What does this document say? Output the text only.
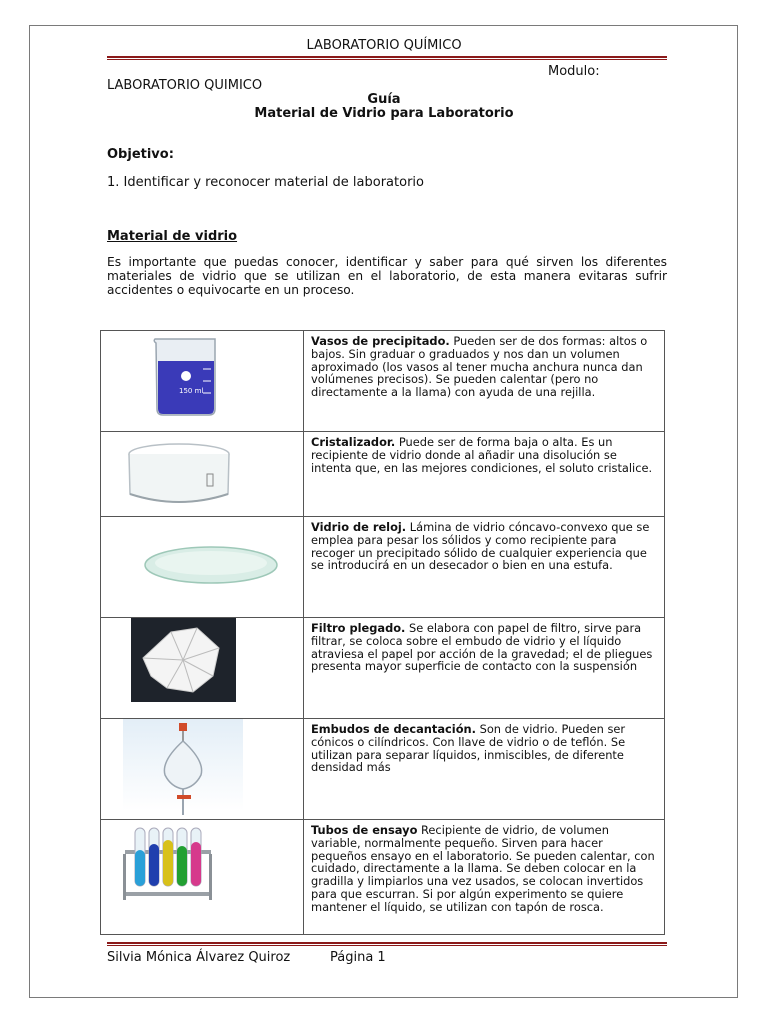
LABORATORIO QUÍMICO
Modulo:
LABORATORIO QUIMICO
Guía
Material de Vidrio para Laboratorio
Objetivo:
1. Identificar y reconocer material de laboratorio
Material de vidrio
Es importante que puedas conocer, identificar y saber para qué sirven los diferentes materiales de vidrio que se utilizan en el laboratorio, de esta manera evitaras sufrir accidentes o equivocarte en un proceso.
150 ml	Vasos de precipitado. Pueden ser de dos formas: altos o bajos. Sin graduar o graduados y nos dan un volumen aproximado (los vasos al tener mucha anchura nunca dan volúmenes precisos). Se pueden calentar (pero no directamente a la llama) con ayuda de una rejilla.

	Cristalizador. Puede ser de forma baja o alta. Es un recipiente de vidrio donde al añadir una disolución se intenta que, en las mejores condiciones, el soluto cristalice.

	Vidrio de reloj. Lámina de vidrio cóncavo-convexo que se emplea para pesar los sólidos y como recipiente para recoger un precipitado sólido de cualquier experiencia que se introducirá en un desecador o bien en una estufa.

	Filtro plegado. Se elabora con papel de filtro, sirve para filtrar, se coloca sobre el embudo de vidrio y el líquido atraviesa el papel por acción de la gravedad; el de pliegues presenta mayor superficie de contacto con la suspensión

	Embudos de decantación. Son de vidrio. Pueden ser cónicos o cilíndricos. Con llave de vidrio o de teflón. Se utilizan para separar líquidos, inmiscibles, de diferente densidad más

	Tubos de ensayo Recipiente de vidrio, de volumen variable, normalmente pequeño. Sirven para hacer pequeños ensayo en el laboratorio. Se pueden calentar, con cuidado, directamente a la llama. Se deben colocar en la gradilla y limpiarlos una vez usados, se colocan invertidos para que escurran. Si por algún experimento se quiere mantener el líquido, se utilizan con tapón de rosca.
Silvia Mónica Álvarez Quiroz	Página 1
